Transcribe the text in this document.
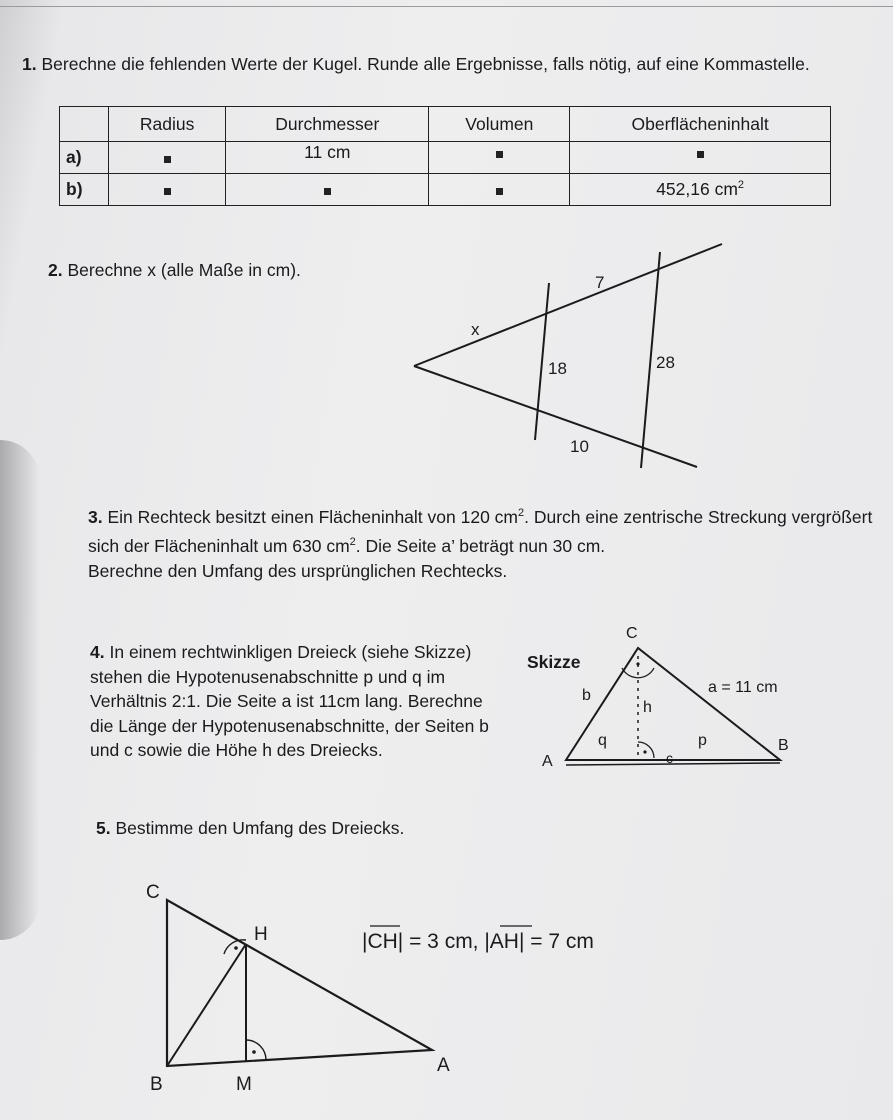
1. Berechne die fehlenden Werte der Kugel. Runde alle Ergebnisse, falls nötig, auf eine Kommastelle.
	Radius	Durchmesser	Volumen	Oberflächeninhalt
a)		11 cm		
b)				452,16 $cm^2$
2. Berechne x (alle Maße in cm).
7
x
18	28
10
3. Ein Rechteck besitzt einen Flächeninhalt von 120 $cm^2$. Durch eine zentrische Streckung vergrößert sich der Flächeninhalt um 630 $cm^2$. Die Seite a’ beträgt nun 30 cm.
Berechne den Umfang des ursprünglichen Rechtecks.
4. In einem rechtwinkligen Dreieck (siehe Skizze) stehen die Hypotenusenabschnitte p und q im Verhältnis 2:1. Die Seite a ist 11cm lang. Berechne die Länge der Hypotenusenabschnitte, der Seiten b und c sowie die Höhe h des Dreiecks.
Skizze
C
A
B
a = 11 cm
b
c
h
p
q
5. Bestimme den Umfang des Dreiecks.
C
H
B	M
A
|CH| = 3 cm, |AH| = 7 cm
